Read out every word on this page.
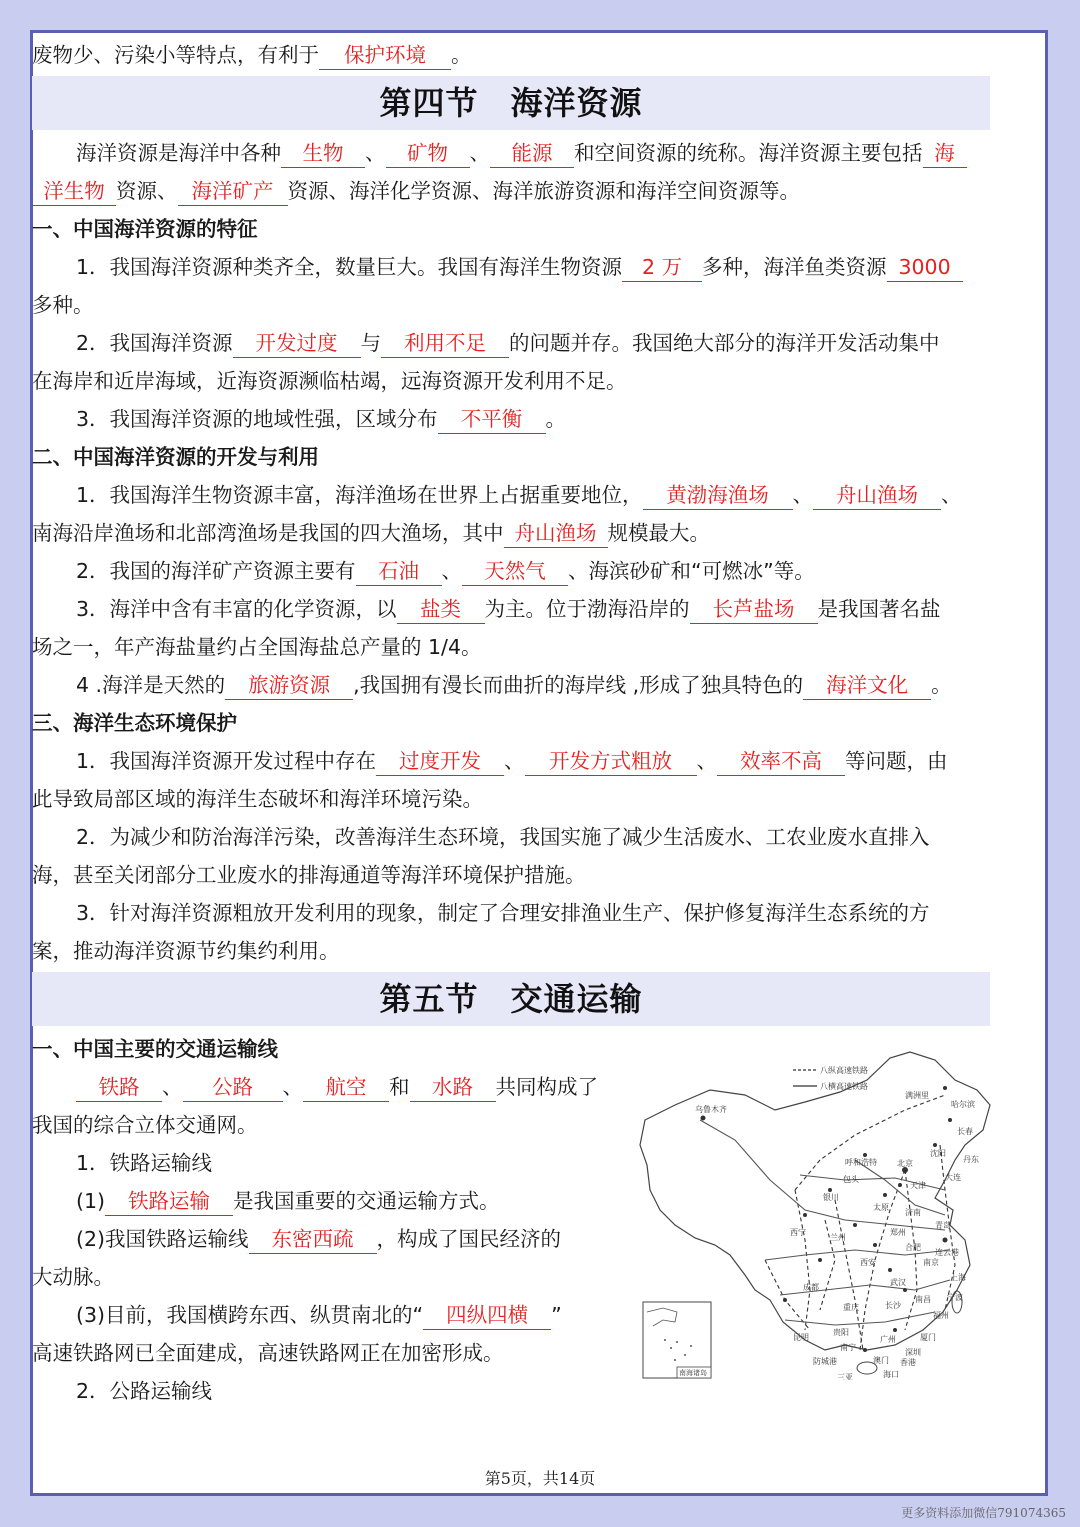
废物少、污染小等特点，有利于 保护环境 。
第四节 海洋资源
海洋资源是海洋中各种 生物 、 矿物 、 能源 和空间资源的统称。海洋资源主要包括 海
洋生物 资源、 海洋矿产 资源、海洋化学资源、海洋旅游资源和海洋空间资源等。
一、中国海洋资源的特征
1．我国海洋资源种类齐全，数量巨大。我国有海洋生物资源 2 万 多种，海洋鱼类资源 3000
多种。
2．我国海洋资源 开发过度 与 利用不足 的问题并存。我国绝大部分的海洋开发活动集中
在海岸和近岸海域，近海资源濒临枯竭，远海资源开发利用不足。
3．我国海洋资源的地域性强，区域分布 不平衡 。
二、中国海洋资源的开发与利用
1．我国海洋生物资源丰富，海洋渔场在世界上占据重要地位， 黄渤海渔场 、 舟山渔场 、
南海沿岸渔场和北部湾渔场是我国的四大渔场，其中 舟山渔场 规模最大。
2．我国的海洋矿产资源主要有 石油 、 天然气 、海滨砂矿和“可燃冰”等。
3．海洋中含有丰富的化学资源，以 盐类 为主。位于渤海沿岸的 长芦盐场 是我国著名盐
场之一，年产海盐量约占全国海盐总产量的 1/4。
4 .海洋是天然的 旅游资源 ,我国拥有漫长而曲折的海岸线 ,形成了独具特色的 海洋文化 。
三、海洋生态环境保护
1．我国海洋资源开发过程中存在 过度开发 、 开发方式粗放 、 效率不高 等问题，由
此导致局部区域的海洋生态破坏和海洋环境污染。
2．为减少和防治海洋污染，改善海洋生态环境，我国实施了减少生活废水、工农业废水直排入
海，甚至关闭部分工业废水的排海通道等海洋环境保护措施。
3．针对海洋资源粗放开发利用的现象，制定了合理安排渔业生产、保护修复海洋生态系统的方
案，推动海洋资源节约集约利用。
第五节 交通运输
一、中国主要的交通运输线
铁路 、 公路 、 航空 和 水路 共同构成了
我国的综合立体交通网。
1．铁路运输线
(1) 铁路运输 是我国重要的交通运输方式。
(2)我国铁路运输线 东密西疏 ，构成了国民经济的
大动脉。
(3)目前，我国横跨东西、纵贯南北的“ 四纵四横 ”
高速铁路网已全面建成，高速铁路网正在加密形成。
2．公路运输线
八纵高速铁路
八横高速铁路
乌鲁木齐
哈尔滨
满洲里
长春
沈阳
呼和浩特	北京
天津
大连
银川
太原
济南
西宁
兰州
郑州
西安
青岛
连云港
成都
重庆
合肥
南京
上海
武汉
宁波
昆明
贵阳
长沙
南昌
福州
厦门
南宁
广州
深圳
香港
澳门
海口
三亚
防城港
丹东
包头
南海诸岛
第5页，共14页
更多资料添加微信791074365
